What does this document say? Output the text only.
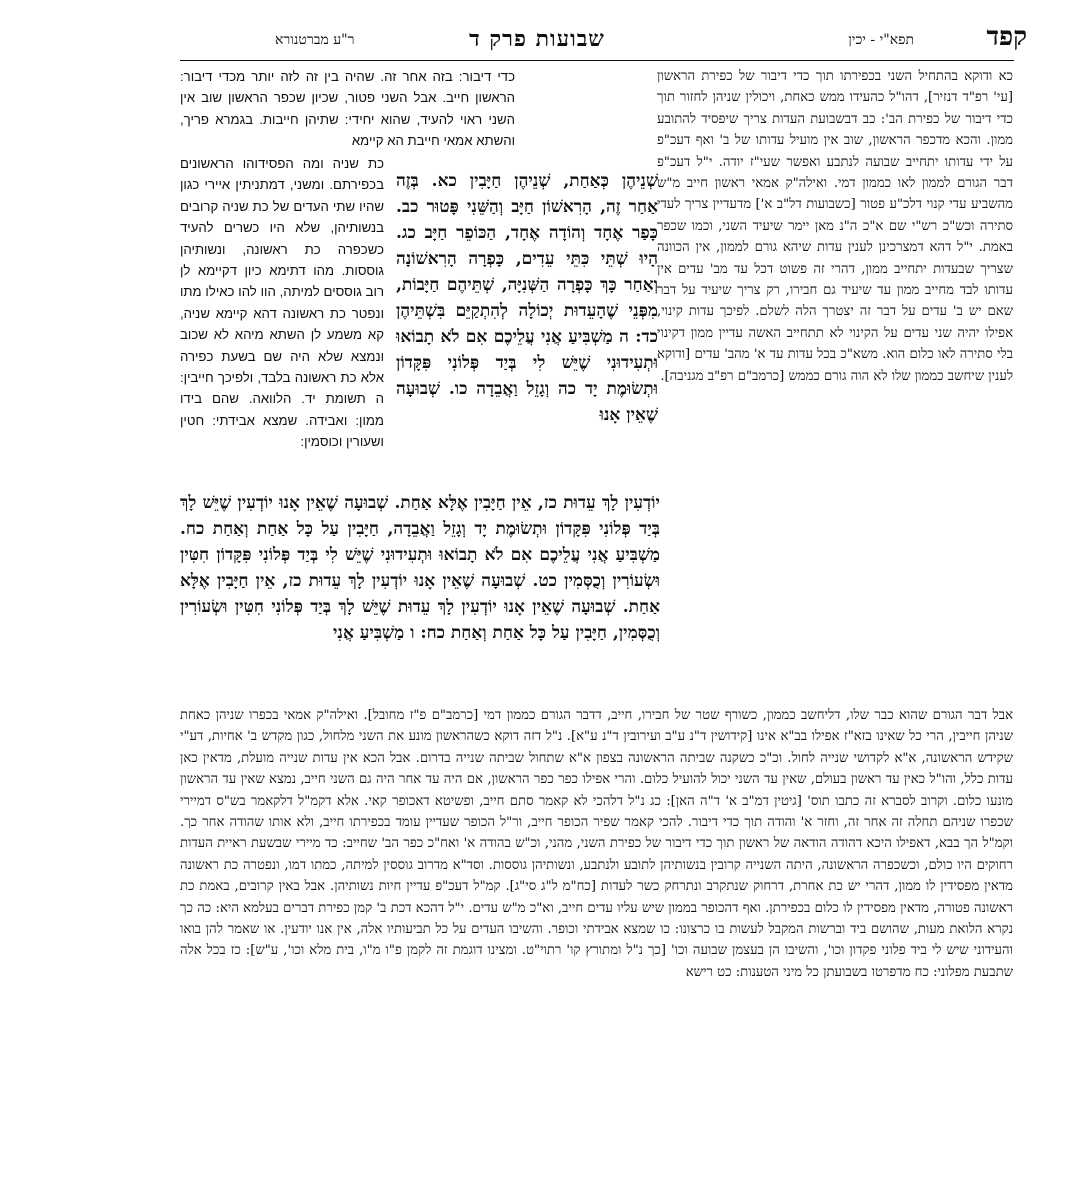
קפד
תפא"י - יכין
שבועות פרק ד
ר"ע מברטנורא
כא ודוקא בהתחיל השני בכפירתו תוך כדי דיבור של כפירת הראשון [עי' רפ"ד דנזיר], דהו"ל כהעידו ממש כאחת, ויכולין שניהן לחזור תוך כדי דיבור של כפירת הב': כב דבשבועת העדות צריך שיפסיד להתובע ממון. והכא מדכפר הראשון, שוב אין מועיל עדותו של ב' ואף דעכ"פ על ידי עדותו יתחייב שבועה לנתבע ואפשר שעי"ז יודה. י"ל דעכ"פ דבר הגורם לממון לאו כממון דמי. ואילה"ק אמאי ראשון חייב מ"ש מהשביע עדי קנוי דלכ"ע פטור [כשבועות דל"ב א'] מדעדיין צריך לעדי סתירה וכש"כ רש"י שם א"כ ה"נ מאן יימר שיעיד השני, וכמו שכפר באמת. י"ל דהא דמצרכינן לענין עדות שיהא גורם לממון, אין הכוונה שצריך שבעדות יתחייב ממון, דהרי זה פשוט דכל עד מב' עדים אין עדותו לבד מחייב ממון עד שיעיד גם חבירו, רק צריך שיעיד על דבר שאם יש ב' עדים על דבר זה יצטרך הלה לשלם. לפיכך עדות קינוי, אפילו יהיה שני עדים על הקינוי לא תתחייב האשה עדיין ממון דקינוי בלי סתירה לאו כלום הוא. משא"כ בכל עדות עד א' מהב' עדים [ודוקא לענין שיחשב כממון שלו לא הוה גורם כממש [כרמב"ם רפ"ב מגניבה].
כדי דיבור: בזה אחר זה. שהיה בין זה לזה יותר מכדי דיבור: הראשון חייב. אבל השני פטור, שכיון שכפר הראשון שוב אין השני ראוי להעיד, שהוא יחידי: שתיהן חייבות. בגמרא פריך, והשתא אמאי חייבת הא קיימא
כת שניה ומה הפסידוהו הראשונים בכפירתם. ומשני, דמתניתין איירי כגון שהיו שתי העדים של כת שניה קרובים בנשותיהן, שלא היו כשרים להעיד כשכפרה כת ראשונה, ונשותיהן גוססות. מהו דתימא כיון דקיימא לן רוב גוססים למיתה, הוו להו כאילו מתו ונפטר כת ראשונה דהא קיימא שניה, קא משמע לן השתא מיהא לא שכוב ונמצא שלא היה שם בשעת כפירה אלא כת ראשונה בלבד, ולפיכך חייבין: ה תשומת יד. הלוואה. שהם בידו ממון: ואבידה. שמצא אבידתי: חטין ושעורין וכוסמין:
שְׁנֵיהֶן כְּאַחַת, שְׁנֵיהֶן חַיָּבִין כא. בְּזֶה אַחַר זֶה, הָרִאשׁוֹן חַיָּב וְהַשֵּׁנִי פָּטוּר כב. כָּפַר אֶחָד וְהוֹדָה אֶחָד, הַכּוֹפֵר חַיָּב כג. הָיוּ שְׁתֵּי כִּתֵּי עֵדִים, כָּפְרָה הָרִאשׁוֹנָה וְאַחַר כָּךְ כָּפְרָה הַשְּׁנִיָּה, שְׁתֵּיהֶם חַיָּבוֹת, מִפְּנֵי שֶׁהָעֵדוּת יְכוֹלָה לְהִתְקַיֵּם בִּשְׁתֵּיהֶן כד: ה מַשְׁבִּיעַ אֲנִי עֲלֵיכֶם אִם לֹא תָבוֹאוּ וּתְעִידוּנִי שֶׁיֵּשׁ לִי בְּיַד פְּלוֹנִי פִּקָּדוֹן וּתְשׂוּמֶת יָד כה וְגָזֵל וַאֲבֵדָה כו. שְׁבוּעָה שֶׁאֵין אָנוּ
יוֹדְעִין לָךְ עֵדוּת כז, אֵין חַיָּבִין אֶלָּא אַחַת. שְׁבוּעָה שֶׁאֵין אָנוּ יוֹדְעִין שֶׁיֵּשׁ לָךְ בְּיַד פְּלוֹנִי פִּקָּדוֹן וּתְשׂוּמֶת יָד וְגָזֵל וַאֲבֵדָה, חַיָּבִין עַל כָּל אַחַת וְאַחַת כח. מַשְׁבִּיעַ אֲנִי עֲלֵיכֶם אִם לֹא תָבוֹאוּ וּתְעִידוּנִי שֶׁיֵּשׁ לִי בְּיַד פְּלוֹנִי פִּקָּדוֹן חִטִּין וּשְׂעוֹרִין וְכֻסְּמִין כט. שְׁבוּעָה שֶׁאֵין אָנוּ יוֹדְעִין לָךְ עֵדוּת כז, אֵין חַיָּבִין אֶלָּא אַחַת. שְׁבוּעָה שֶׁאֵין אָנוּ יוֹדְעִין לָךְ עֵדוּת שֶׁיֵּשׁ לָךְ בְּיַד פְּלוֹנִי חִטִּין וּשְׂעוֹרִין וְכֻסְּמִין, חַיָּבִין עַל כָּל אַחַת וְאַחַת כח: ו מַשְׁבִּיעַ אֲנִי
אבל דבר הגורם שהוא כבר שלו, דליחשב כממון, כשורף שטר של חבירו, חייב, דדבר הגורם כממון דמי [כרמב"ם פ"ז מחובל]. ואילה"ק אמאי בכפרו שניהן כאחת שניהן חייבין, הרי כל שאינו בזא"ז אפילו בב"א אינו [קידושין ד"נ ע"ב ועירובין ד"נ ע"א]. נ"ל דזה דוקא כשהראשון מונע את השני מלחול, כגון מקדש ב' אחיות, דע"י שקידש הראשונה, א"א לקדושי שנייה לחול. וכ"כ כשקנה שביתה הראשונה בצפון א"א שתחול שביתה שנייה בדרום. אבל הכא אין עדות שנייה מועלת, מדאין כאן עדות כלל, והו"ל כאין עד ראשון בעולם, שאין עד השני יכול להועיל כלום. והרי אפילו כפר כפר הראשון, אם היה עד אחר היה גם השני חייב, נמצא שאין עד הראשון מונעו כלום. וקרוב לסברא זה כתבו תוס' [גיטין דמ"ב א' ד"ה האן]: כג נ"ל דלהכי לא קאמר סתם חייב, ופשיטא דאכופר קאי. אלא דקמ"ל דלקאמר בש"ס דמיירי שכפרו שניהם תחלה זה אחר זה, וחזר א' והודה תוך כדי דיבור. להכי קאמר שפיר הכופר חייב, ור"ל הכופר שעדיין עומד בכפירתו חייב, ולא אותו שהודה אחר כך. וקמ"ל הך בבא, דאפילו היכא דהודה הודאה של ראשון תוך כדי דיבור של כפירת השני, מהני, וכ"ש בהודה א' ואח"כ כפר הב' שחייב: כד מיירי שבשעת ראיית העדות רחוקים היו כולם, וכשכפרה הראשונה, היתה השנייה קרובין בנשותיהן לתובע ולנתבע, ונשותיהן גוססות. וסד"א מדרוב גוססין למיתה, כמתו דמו, ונפטרה כת ראשונה מדאין מפסידין לו ממון, דהרי יש כת אחרת, דרחוק שנתקרב ונתרחק כשר לעדות [כח"מ ל"ג סי"ג]. קמ"ל דעכ"פ עדיין חיות נשותיהן. אבל באין קרובים, באמת כת ראשונה פטורה, מדאין מפסידין לו כלום בכפירתן. ואף דהכופר בממון שיש עליו עדים חייב, וא"כ מ"ש עדים. י"ל דהכא דכת ב' קמן כפירת דברים בעלמא היא: כה כך נקרא הלואת מעות, שהושם ביד וברשות המקבל לעשות בו כרצונו: כו שמצא אבידתי וכופר. והשיבו העדים על כל תביעותיו אלה, אין אנו יודעין. או שאמר להן בואו והעידוני שיש לי ביד פלוני פקדון וכו', והשיבו הן בעצמן שבועה וכו' [כך נ"ל ומתורץ קו' רתוי"ט. ומצינו דוגמת זה לקמן פ"ו מ"ו, בית מלא וכו', ע"ש]: כז בכל אלה שתבעת מפלוני: כח מדפרטו בשבועתן כל מיני הטענות: כט רישא
